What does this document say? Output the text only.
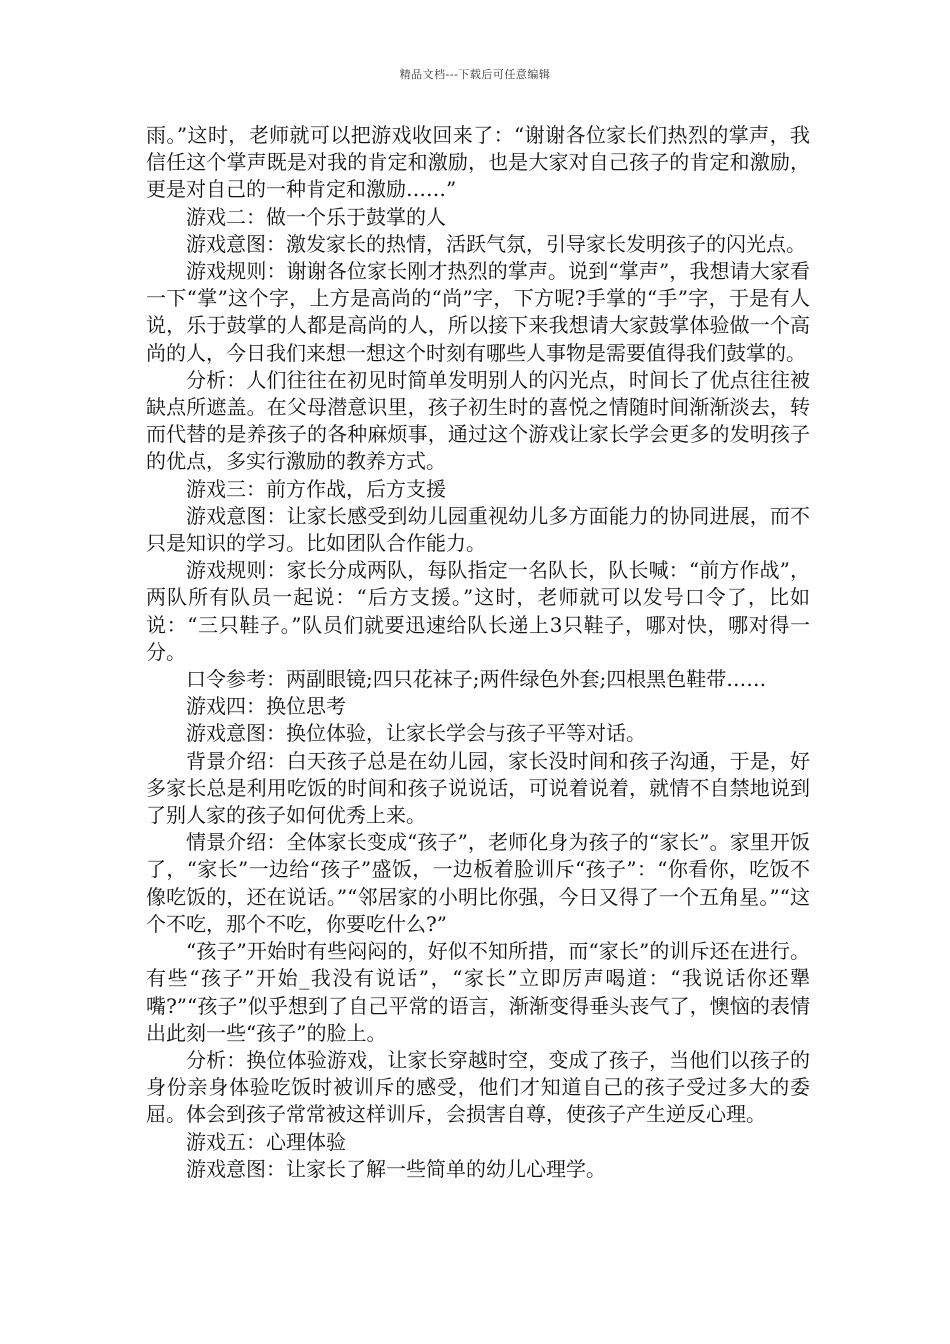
精品文档---下载后可任意编辑

雨。”这时，老师就可以把游戏收回来了：“谢谢各位家长们热烈的掌声，我信任这个掌声既是对我的肯定和激励，也是大家对自己孩子的肯定和激励，更是对自己的一种肯定和激励……”

游戏二：做一个乐于鼓掌的人

游戏意图：激发家长的热情，活跃气氛，引导家长发明孩子的闪光点。

游戏规则：谢谢各位家长刚才热烈的掌声。说到“掌声”，我想请大家看一下“掌”这个字，上方是高尚的“尚”字，下方呢?手掌的“手”字，于是有人说，乐于鼓掌的人都是高尚的人，所以接下来我想请大家鼓掌体验做一个高尚的人，今日我们来想一想这个时刻有哪些人事物是需要值得我们鼓掌的。

分析：人们往往在初见时简单发明别人的闪光点，时间长了优点往往被缺点所遮盖。在父母潜意识里，孩子初生时的喜悦之情随时间渐渐淡去，转而代替的是养孩子的各种麻烦事，通过这个游戏让家长学会更多的发明孩子的优点，多实行激励的教养方式。

游戏三：前方作战，后方支援

游戏意图：让家长感受到幼儿园重视幼儿多方面能力的协同进展，而不只是知识的学习。比如团队合作能力。

游戏规则：家长分成两队，每队指定一名队长，队长喊：“前方作战”，两队所有队员一起说：“后方支援。”这时，老师就可以发号口令了，比如说：“三只鞋子。”队员们就要迅速给队长递上3只鞋子，哪对快，哪对得一分。

口令参考：两副眼镜;四只花袜子;两件绿色外套;四根黑色鞋带……

游戏四：换位思考

游戏意图：换位体验，让家长学会与孩子平等对话。

背景介绍：白天孩子总是在幼儿园，家长没时间和孩子沟通，于是，好多家长总是利用吃饭的时间和孩子说说话，可说着说着，就情不自禁地说到了别人家的孩子如何优秀上来。

情景介绍：全体家长变成“孩子”，老师化身为孩子的“家长”。家里开饭了，“家长”一边给“孩子”盛饭，一边板着脸训斥“孩子”：“你看你，吃饭不像吃饭的，还在说话。”“邻居家的小明比你强，今日又得了一个五角星。”“这个不吃，那个不吃，你要吃什么?”

“孩子”开始时有些闷闷的，好似不知所措，而“家长”的训斥还在进行。有些“孩子”开始_我没有说话”，“家长”立即厉声喝道：“我说话你还犟嘴?”“孩子”似乎想到了自己平常的语言，渐渐变得垂头丧气了，懊恼的表情出此刻一些“孩子”的脸上。

分析：换位体验游戏，让家长穿越时空，变成了孩子，当他们以孩子的身份亲身体验吃饭时被训斥的感受，他们才知道自己的孩子受过多大的委屈。体会到孩子常常被这样训斥，会损害自尊，使孩子产生逆反心理。

游戏五：心理体验

游戏意图：让家长了解一些简单的幼儿心理学。
